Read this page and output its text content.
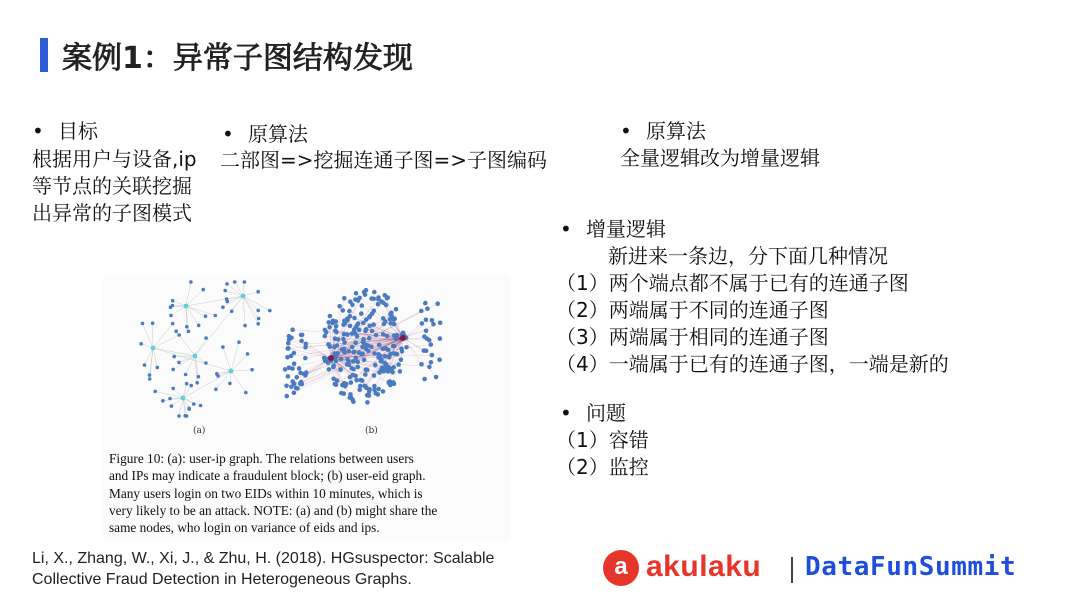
案例1：异常子图结构发现
• 目标
根据用户与设备,ip
等节点的关联挖掘
出异常的子图模式
• 原算法
二部图=>挖掘连通子图=>子图编码
• 原算法
全量逻辑改为增量逻辑
• 增量逻辑
新进来一条边，分下面几种情况
（1）两个端点都不属于已有的连通子图
（2）两端属于不同的连通子图
（3）两端属于相同的连通子图
（4）一端属于已有的连通子图，一端是新的
• 问题
（1）容错
（2）监控
(a)	(b)
Figure 10: (a): user-ip graph. The relations between users
and IPs may indicate a fraudulent block; (b) user-eid graph.
Many users login on two EIDs within 10 minutes, which is
very likely to be an attack. NOTE: (a) and (b) might share the
same nodes, who login on variance of eids and ips.
Li, X., Zhang, W., Xi, J., & Zhu, H. (2018). HGsuspector: Scalable
Collective Fraud Detection in Heterogeneous Graphs.	a akulaku DataFunSummit
